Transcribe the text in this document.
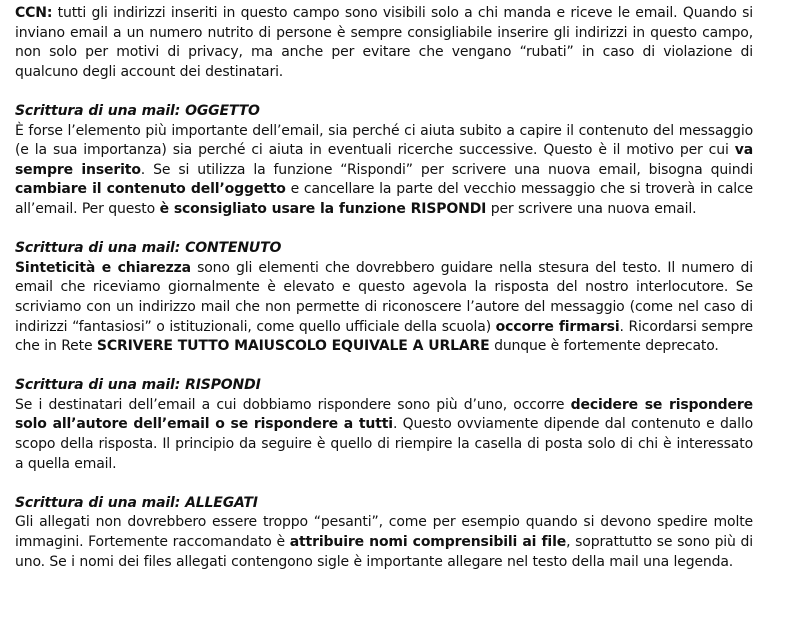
CCN: tutti gli indirizzi inseriti in questo campo sono visibili solo a chi manda e riceve le email. Quando si inviano email a un numero nutrito di persone è sempre consigliabile inserire gli indirizzi in questo campo, non solo per motivi di privacy, ma anche per evitare che vengano “rubati” in caso di violazione di qualcuno degli account dei destinatari.

Scrittura di una mail: OGGETTO

È forse l’elemento più importante dell’email, sia perché ci aiuta subito a capire il contenuto del messaggio (e la sua importanza) sia perché ci aiuta in eventuali ricerche successive. Questo è il motivo per cui va sempre inserito. Se si utilizza la funzione “Rispondi” per scrivere una nuova email, bisogna quindi cambiare il contenuto dell’oggetto e cancellare la parte del vecchio messaggio che si troverà in calce all’email. Per questo è sconsigliato usare la funzione RISPONDI per scrivere una nuova email.

Scrittura di una mail: CONTENUTO

Sinteticità e chiarezza sono gli elementi che dovrebbero guidare nella stesura del testo. Il numero di email che riceviamo giornalmente è elevato e questo agevola la risposta del nostro interlocutore. Se scriviamo con un indirizzo mail che non permette di riconoscere l’autore del messaggio (come nel caso di indirizzi “fantasiosi” o istituzionali, come quello ufficiale della scuola) occorre firmarsi. Ricordarsi sempre che in Rete SCRIVERE TUTTO MAIUSCOLO EQUIVALE A URLARE dunque è fortemente deprecato.

Scrittura di una mail: RISPONDI

Se i destinatari dell’email a cui dobbiamo rispondere sono più d’uno, occorre decidere se rispondere solo all’autore dell’email o se rispondere a tutti. Questo ovviamente dipende dal contenuto e dallo scopo della risposta. Il principio da seguire è quello di riempire la casella di posta solo di chi è interessato a quella email.

Scrittura di una mail: ALLEGATI

Gli allegati non dovrebbero essere troppo “pesanti”, come per esempio quando si devono spedire molte immagini. Fortemente raccomandato è attribuire nomi comprensibili ai file, soprattutto se sono più di uno. Se i nomi dei files allegati contengono sigle è importante allegare nel testo della mail una legenda.
